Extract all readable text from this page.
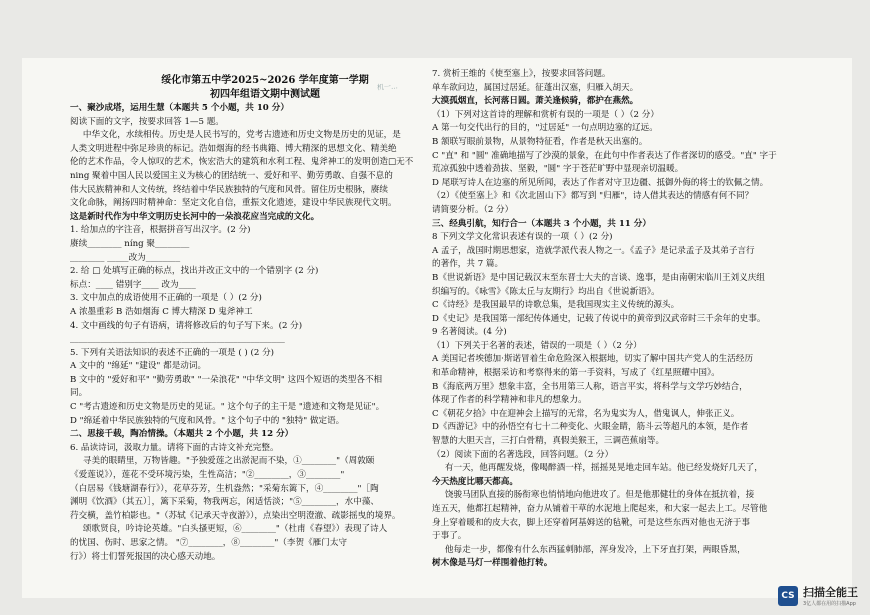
机一...
绥化市第五中学2025~2026 学年度第一学期
初四年组语文期中测试题
一、聚沙成塔，运用生慧（本题共 5 个小题，共 10 分）
阅读下面的文字，按要求回答 1—5 题。
中华文化，水续相传。历史是人民书写的，党考古遗迹和历史文物是历史的见证，是
人类文明进程中弥足珍贵的标记。浩如烟海的经书典籍、博大精深的思想文化、精美绝
伦的艺术作品，令人惊叹的艺术，恢宏浩大的建筑和水利工程、鬼斧神工的发明创造□无不
ning 聚着中国人民以爱国主义为核心的团结统一、爱好和平、勤劳勇敢、自强不息的
伟大民族精神和人文传统，终结着中华民族独特的气度和风骨。留住历史根脉，赓续
文化命脉，阐扬四时精神命：坚定文化自信，重振文化遗迹，建设中华民族现代文明。
这是新时代作为中华文明历史长河中的一朵浪花应当完成的文化。
1. 给加点的字注音，根据拼音写出汉字。(2 分)
赓续________ níng 聚________
________ _____改为________
2. 给 □ 处填写正确的标点，找出并改正文中的一个错别字 (2 分)
标点：____ 错别字____ 改为____
3. 文中加点的成语使用不正确的一项是（ ）(2 分)
A 浓墨重彩 B 浩如烟海 C 博大精深 D 鬼斧神工
4. 文中画线的句子有语病，请将修改后的句子写下来。(2 分)
__________________________________________________
5. 下列有关语法知识的表述不正确的一项是 ( ) (2 分)
A 文中的 "绵延" "建设" 都是动词。
B 文中的 "爱好和平" "勤劳勇敢" "一朵浪花" "中华文明" 这四个短语的类型各不相
同。
C "考古遗迹和历史文物是历史的见证。" 这个句子的主干是 "遗迹和文物是见证"。
D "绵延着中华民族独特的气度和风骨。" 这个句子中的 "独特" 做定语。
二、思接千载，陶冶情操。（本题共 2 个小题，共 12 分）
6. 品读诗词，汲取力量。请将下面的古诗文补充完整。
寻美的眼睛里，万物皆趣。"予独爱莲之出淤泥而不染，①________"（周敦颐
《爱莲说》），莲花不受环境污染，生性高洁；"②________，③________"
（白居易《钱塘湖春行》），花草芬芳，生机盎然；"采菊东篱下，④________"［陶
渊明《饮酒》（其五）］，篱下采菊，物我两忘，闲适恬淡；"⑤________，水中藻、
荇交横，盖竹柏影也。"（苏轼《记承天寺夜游》），点染出空明澄澈、疏影摇曳的境界。
颂歌贤良，吟诗论英雄。"白头搔更短，⑥________"（杜甫《春望》）表现了诗人
的忧国、伤时、思家之情。 "⑦________，⑧________"（李贺《雁门太守
行》）将士们誓死报国的决心感天动地。
7. 赏析王维的《使至塞上》，按要求回答问题。
单车欲问边，属国过居延。征蓬出汉塞，归雁入胡天。
大漠孤烟直，长河落日圆。萧关逢候骑，都护在燕然。
（1）下列对这首诗的理解和赏析有误的一项是（ ）（2 分）
A 第一句交代出行的目的，"过居延" 一句点明边塞的辽远。
B 颔联写眼前景物，从景物特征看，作者是秋天出塞的。
C "直" 和 "圆" 准确地描写了沙漠的景象，在此句中作者表达了作者深切的感受。"直" 字于
荒凉孤独中透着劲拔、坚毅，"圆" 字于苍茫旷野中显现亲切温暖。
D 尾联写诗人在边塞的所见所闻，表达了作者对守卫边疆、抵御外侮的将士的钦佩之情。
（2）《使至塞上》和《次北固山下》都写到 "归雁"，诗人借其表达的情感有何不同？
请简要分析。（2 分）
三、经典引航，知行合一（本题共 3 个小题，共 11 分）
8 下列文学文化常识表述有误的一项（ ）(2 分)
A 孟子，战国时期思想家，造就学派代表人物之一。《孟子》是记录孟子及其弟子言行
的著作，共 7 篇。
B《世说新语》是中国记载汉末至东晋士大夫的言谈、逸事，是由南朝宋临川王刘义庆组
织编写的。《咏雪》《陈太丘与友期行》均出自《世说新语》。
C《诗经》是我国最早的诗歌总集，是我国现实主义传统的源头。
D《史记》是我国第一部纪传体通史，记载了传说中的黄帝到汉武帝时三千余年的史事。
9 名著阅读。(4 分)
（1）下列关于名著的表述，错误的一项是（ ）（2 分）
A 美国记者埃德加·斯诺冒着生命危险深入根据地，切实了解中国共产党人的生活经历
和革命精神，根据采访和考察得来的第一手资料，写成了《红星照耀中国》。
B《海底两万里》想象丰富，全书用第三人称，语言平实，将科学与文学巧妙结合，
体现了作者的科学精神和非凡的想象力。
C《朝花夕拾》中在迎神会上描写的无常，名为鬼实为人，借鬼讽人，伸张正义。
D《西游记》中的孙悟空有七十二种变化、火眼金睛，筋斗云等超凡的本领，是作者
智慧的大胆天言，三打白骨精，真假美猴王，三调芭蕉扇等。
（2）阅读下面的名著选段，回答问题。（2 分）
有一天，他再醒发烧，像喝醉酒一样，摇摇晃晃地走回车站。他已经发烧好几天了，
今天热度比哪天都高。
饶骏马团队直接的肠衔寒也悄悄地向他进攻了。但是他那健壮的身体在抵抗着，接
连五天，他都扛起精神，奋力从铺着干草的水泥地上爬起来，和大家一起去上工。尽管他
身上穿着暖和的皮大衣，脚上还穿着阿基姆送的毡靴，可是这些东西对他也无济于事
于事了。
他每走一步，都像有什么东西猛刺肺部，浑身发冷，上下牙直打架，两眼昏黑，
树木像是马灯一样围着他打转。
CS 扫描全能王
3亿人都在用的扫描App
